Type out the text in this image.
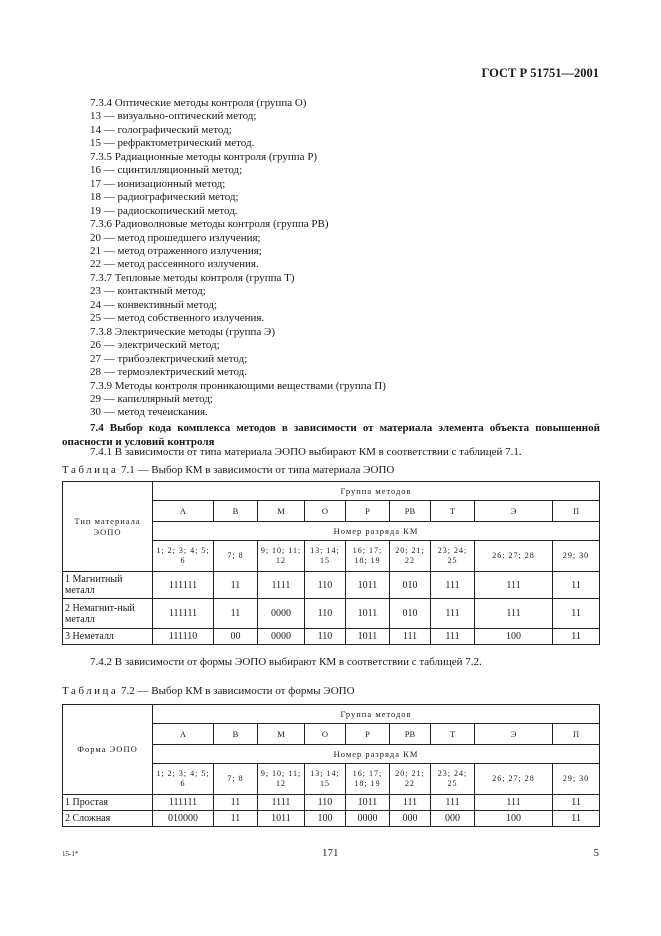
ГОСТ Р 51751—2001
7.3.4 Оптические методы контроля (группа О)
13 — визуально-оптический метод;
14 — голографический метод;
15 — рефрактометрический метод.
7.3.5 Радиационные методы контроля (группа Р)
16 — сцинтилляционный метод;
17 — ионизационный метод;
18 — радиографический метод;
19 — радиоскопический метод.
7.3.6 Радиоволновые методы контроля (группа РВ)
20 — метод прошедшего излучения;
21 — метод отраженного излучения;
22 — метод рассеянного излучения.
7.3.7 Тепловые методы контроля (группа Т)
23 — контактный метод;
24 — конвективный метод;
25 — метод собственного излучения.
7.3.8 Электрические методы (группа Э)
26 — электрический метод;
27 — трибоэлектрический метод;
28 — термоэлектрический метод.
7.3.9 Методы контроля проникающими веществами (группа П)
29 — капиллярный метод;
30 — метод течеискания.
7.4 Выбор кода комплекса методов в зависимости от материала элемента объекта повышенной опасности и условий контроля
7.4.1 В зависимости от типа материала ЭОПО выбирают КМ в соответствии с таблицей 7.1.
Таблица 7.1 — Выбор КМ в зависимости от типа материала ЭОПО
Тип материала ЭОПО	Группа методов								
	А	В	М	О	Р	РВ	Т	Э	П
	Номер разряда КМ								
	1; 2; 3; 4; 5; 6	7; 8	9; 10; 11; 12	13; 14; 15	16; 17; 18; 19	20; 21; 22	23; 24; 25	26; 27; 28	29; 30
1 Магнитный металл	111111	11	1111	110	1011	010	111	111	11
2 Немагнит-ный металл	111111	11	0000	110	1011	010	111	111	11
3 Неметалл	111110	00	0000	110	1011	111	111	100	11
7.4.2 В зависимости от формы ЭОПО выбирают КМ в соответствии с таблицей 7.2.
Таблица 7.2 — Выбор КМ в зависимости от формы ЭОПО
Форма ЭОПО	Группа методов								
	А	В	М	О	Р	РВ	Т	Э	П
	Номер разряда КМ								
	1; 2; 3; 4; 5; 6	7; 8	9; 10; 11; 12	13; 14; 15	16; 17; 18; 19	20; 21; 22	23; 24; 25	26; 27; 28	29; 30
1 Простая	111111	11	1111	110	1011	111	111	111	11
2 Сложная	010000	11	1011	100	0000	000	000	100	11
15-1*	171	5
